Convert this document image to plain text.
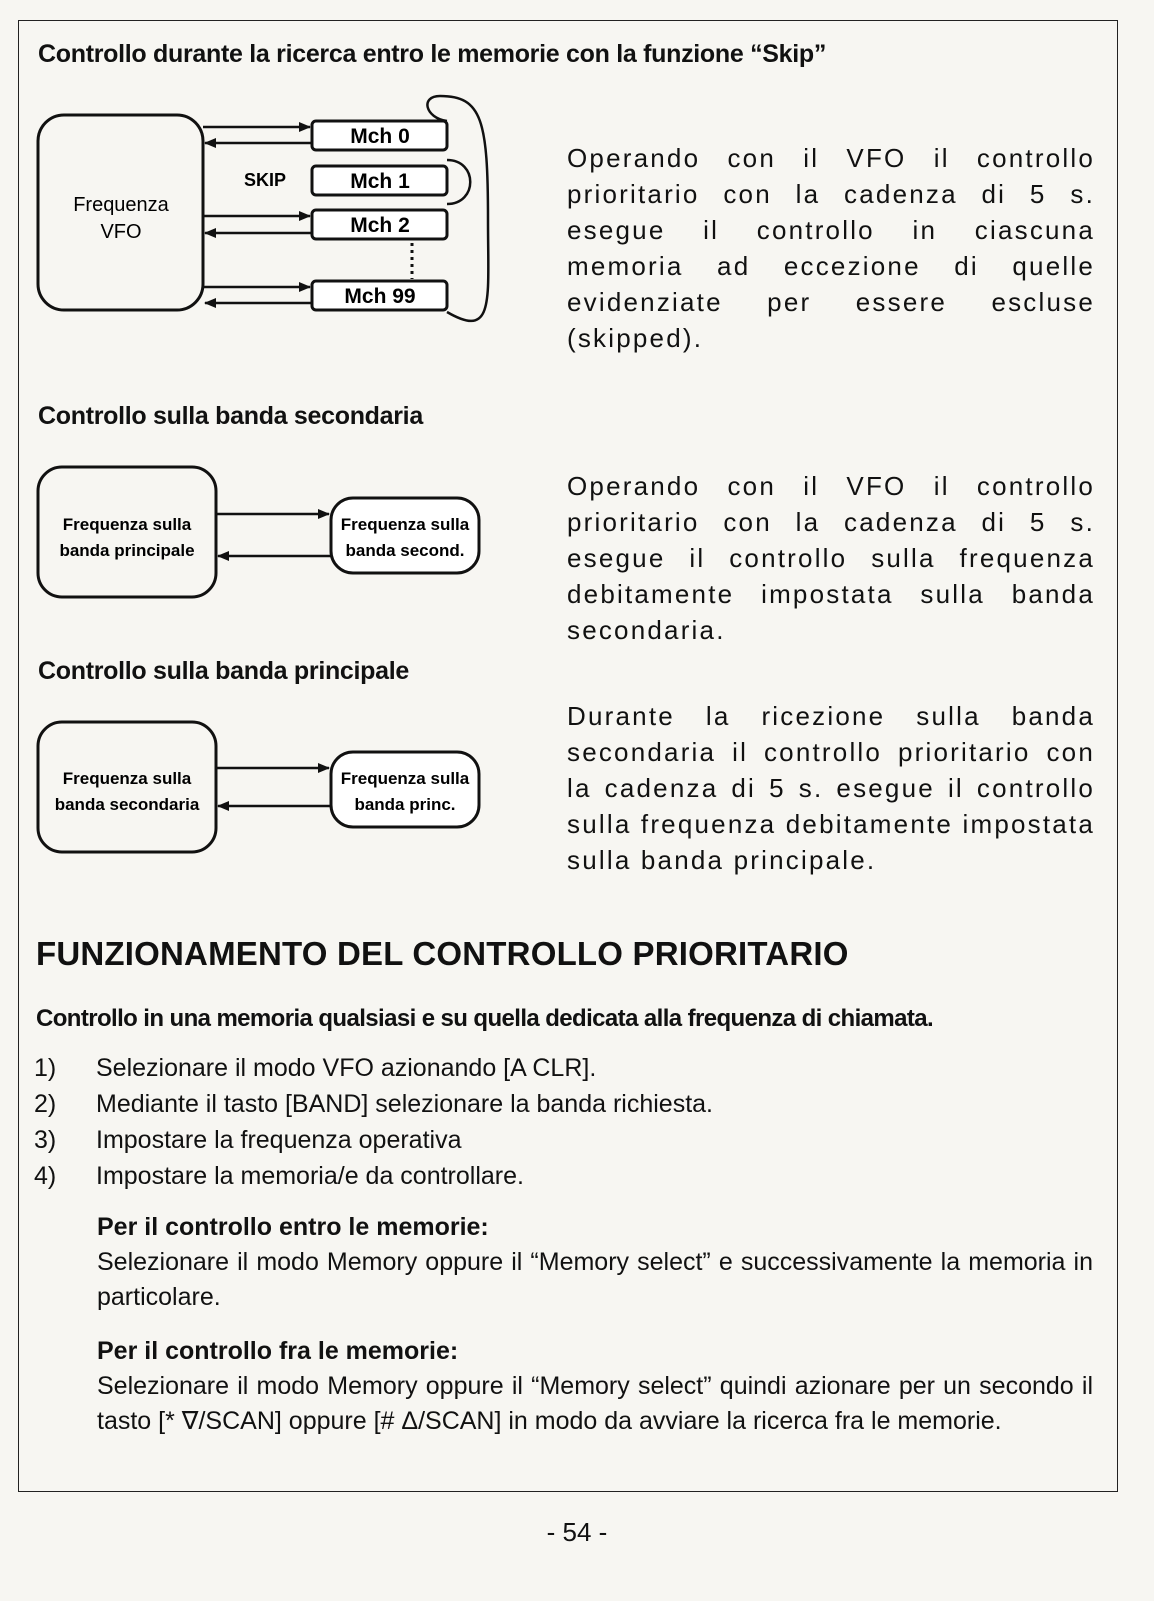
Controllo durante la ricerca entro le memorie con la funzione “Skip”
Frequenza
VFO
SKIP
Mch 0
Mch 1
Mch 2
Mch 99
Frequenza sulla
banda principale
Frequenza sulla
banda second.
Frequenza sulla
banda secondaria
Frequenza sulla
banda princ.

Operando con il VFO il controllo prioritario con la cadenza di 5 s. esegue il controllo in ciascuna memoria ad eccezione di quelle evidenziate per essere escluse (skipped).

Controllo sulla banda secondaria

Operando con il VFO il controllo prioritario con la cadenza di 5 s. esegue il controllo sulla frequenza debitamente impostata sulla banda secondaria.

Controllo sulla banda principale

Durante la ricezione sulla banda secondaria il controllo prioritario con la cadenza di 5 s. esegue il controllo sulla frequenza debitamente impostata sulla banda principale.

FUNZIONAMENTO DEL CONTROLLO PRIORITARIO
Controllo in una memoria qualsiasi e su quella dedicata alla frequenza di chiamata.
1)	Selezionare il modo VFO azionando [A CLR].
2)	Mediante il tasto [BAND] selezionare la banda richiesta.
3)	Impostare la frequenza operativa
4)	Impostare la memoria/e da controllare.
Per il controllo entro le memorie:
Selezionare il modo Memory oppure il “Memory select” e successivamente la memoria in particolare.
Per il controllo fra le memorie:
Selezionare il modo Memory oppure il “Memory select” quindi azionare per un secondo il tasto [* ∇/SCAN] oppure [# Δ/SCAN] in modo da avviare la ricerca fra le memorie.
- 54 -
